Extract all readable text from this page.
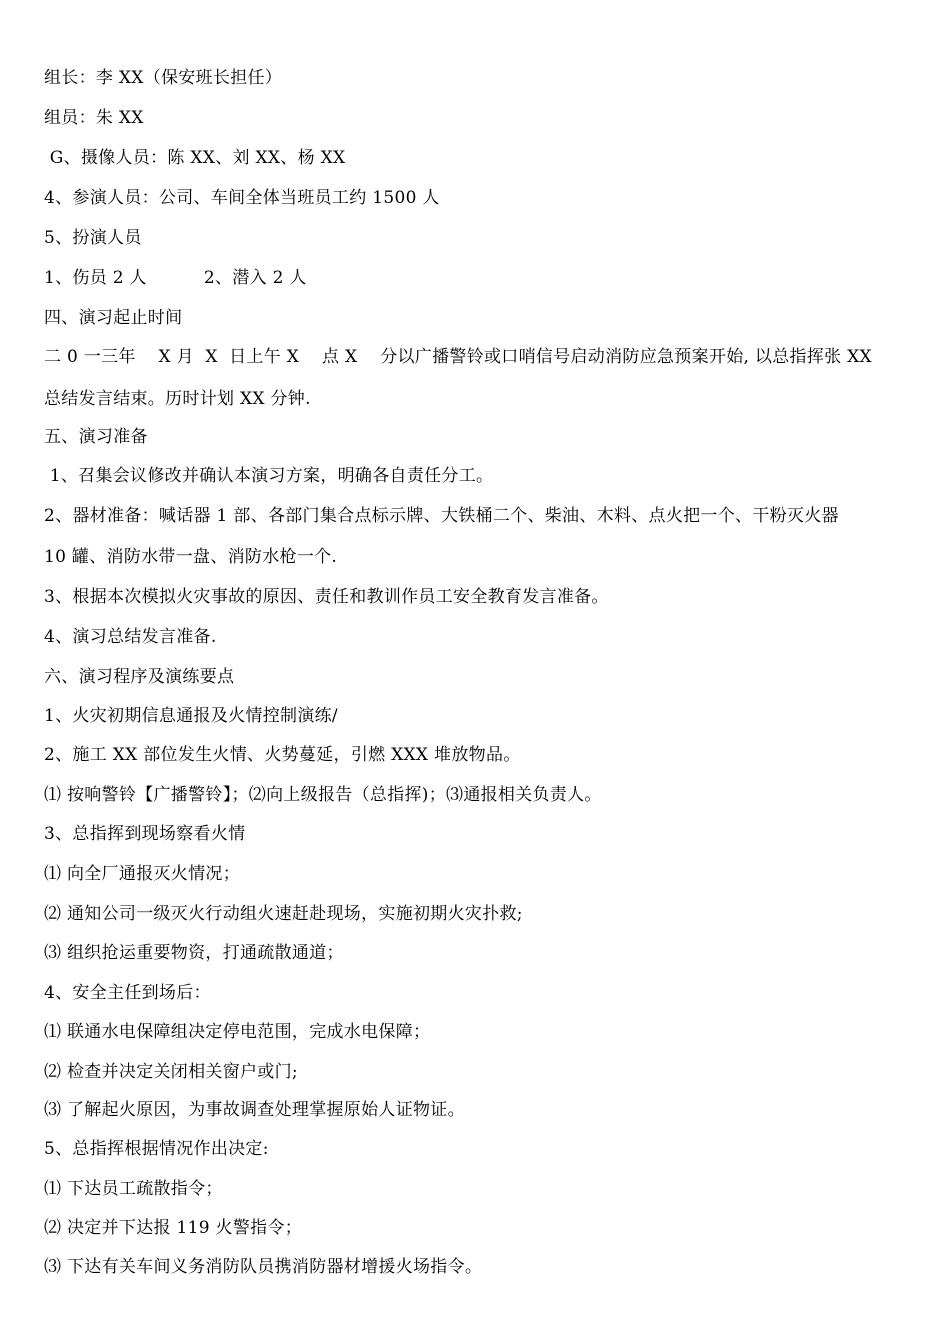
组长：李 XX（保安班长担任）
组员：朱 XX
G、摄像人员：陈 XX、刘 XX、杨 XX
4、参演人员：公司、车间全体当班员工约 1500 人
5、扮演人员
1、伤员 2 人          2、潜入 2 人
四、演习起止时间
二 0 一三年    X 月  X  日上午 X    点 X    分以广播警铃或口哨信号启动消防应急预案开始, 以总指挥张 XX
总结发言结束。历时计划 XX 分钟.
五、演习准备
1、召集会议修改并确认本演习方案，明确各自责任分工。
2、器材准备：喊话器 1 部、各部门集合点标示牌、大铁桶二个、柴油、木料、点火把一个、干粉灭火器
10 罐、消防水带一盘、消防水枪一个.
3、根据本次模拟火灾事故的原因、责任和教训作员工安全教育发言准备。
4、演习总结发言准备.
六、演习程序及演练要点
1、火灾初期信息通报及火情控制演练/
2、施工 XX 部位发生火情、火势蔓延，引燃 XXX 堆放物品。
⑴ 按响警铃【广播警铃】；⑵向上级报告（总指挥)；⑶通报相关负责人。
3、总指挥到现场察看火情
⑴ 向全厂通报灭火情况；
⑵ 通知公司一级灭火行动组火速赶赴现场，实施初期火灾扑救;
⑶ 组织抢运重要物资，打通疏散通道；
4、安全主任到场后：
⑴ 联通水电保障组决定停电范围，完成水电保障；
⑵ 检查并决定关闭相关窗户或门;
⑶ 了解起火原因，为事故调查处理掌握原始人证物证。
5、总指挥根据情况作出决定:
⑴ 下达员工疏散指令；
⑵ 决定并下达报 119 火警指令；
⑶ 下达有关车间义务消防队员携消防器材增援火场指令。
